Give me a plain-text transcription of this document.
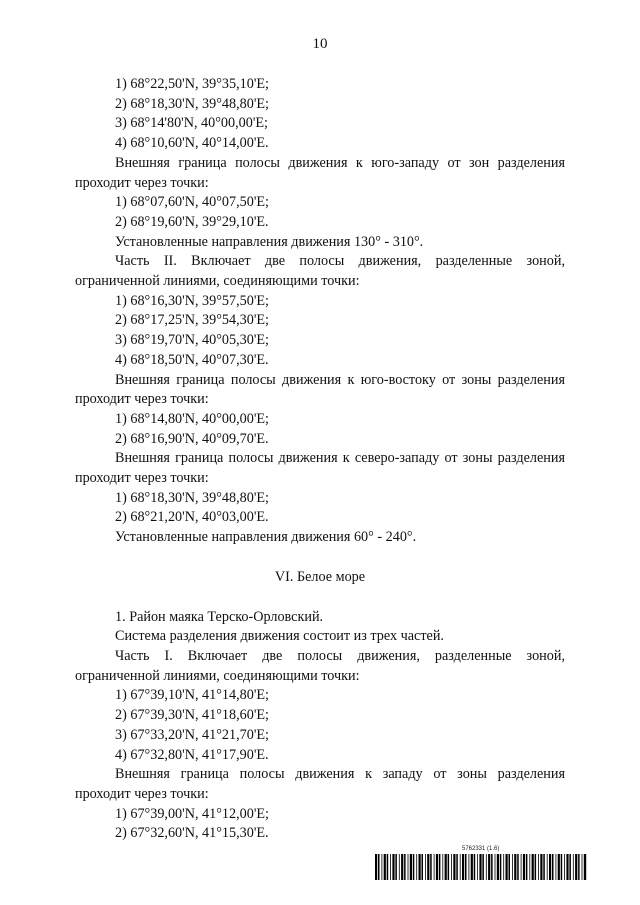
10

1) 68°22,50'N, 39°35,10'E;

2) 68°18,30'N, 39°48,80'E;

3) 68°14'80'N, 40°00,00'E;

4) 68°10,60'N, 40°14,00'E.

Внешняя граница полосы движения к юго-западу от зон разделения проходит через точки:

1) 68°07,60'N, 40°07,50'E;

2) 68°19,60'N, 39°29,10'E.

Установленные направления движения 130° - 310°.

Часть II. Включает две полосы движения, разделенные зоной, ограниченной линиями, соединяющими точки:

1) 68°16,30'N, 39°57,50'E;

2) 68°17,25'N, 39°54,30'E;

3) 68°19,70'N, 40°05,30'E;

4) 68°18,50'N, 40°07,30'E.

Внешняя граница полосы движения к юго-востоку от зоны разделения проходит через точки:

1) 68°14,80'N, 40°00,00'E;

2) 68°16,90'N, 40°09,70'E.

Внешняя граница полосы движения к северо-западу от зоны разделения проходит через точки:

1) 68°18,30'N, 39°48,80'E;

2) 68°21,20'N, 40°03,00'E.

Установленные направления движения 60° - 240°.

VI. Белое море

1. Район маяка Терско-Орловский.

Система разделения движения состоит из трех частей.

Часть I. Включает две полосы движения, разделенные зоной, ограниченной линиями, соединяющими точки:

1) 67°39,10'N, 41°14,80'E;

2) 67°39,30'N, 41°18,60'E;

3) 67°33,20'N, 41°21,70'E;

4) 67°32,80'N, 41°17,90'E.

Внешняя граница полосы движения к западу от зоны разделения проходит через точки:

1) 67°39,00'N, 41°12,00'E;

2) 67°32,60'N, 41°15,30'E.

5762331 (1.6)
